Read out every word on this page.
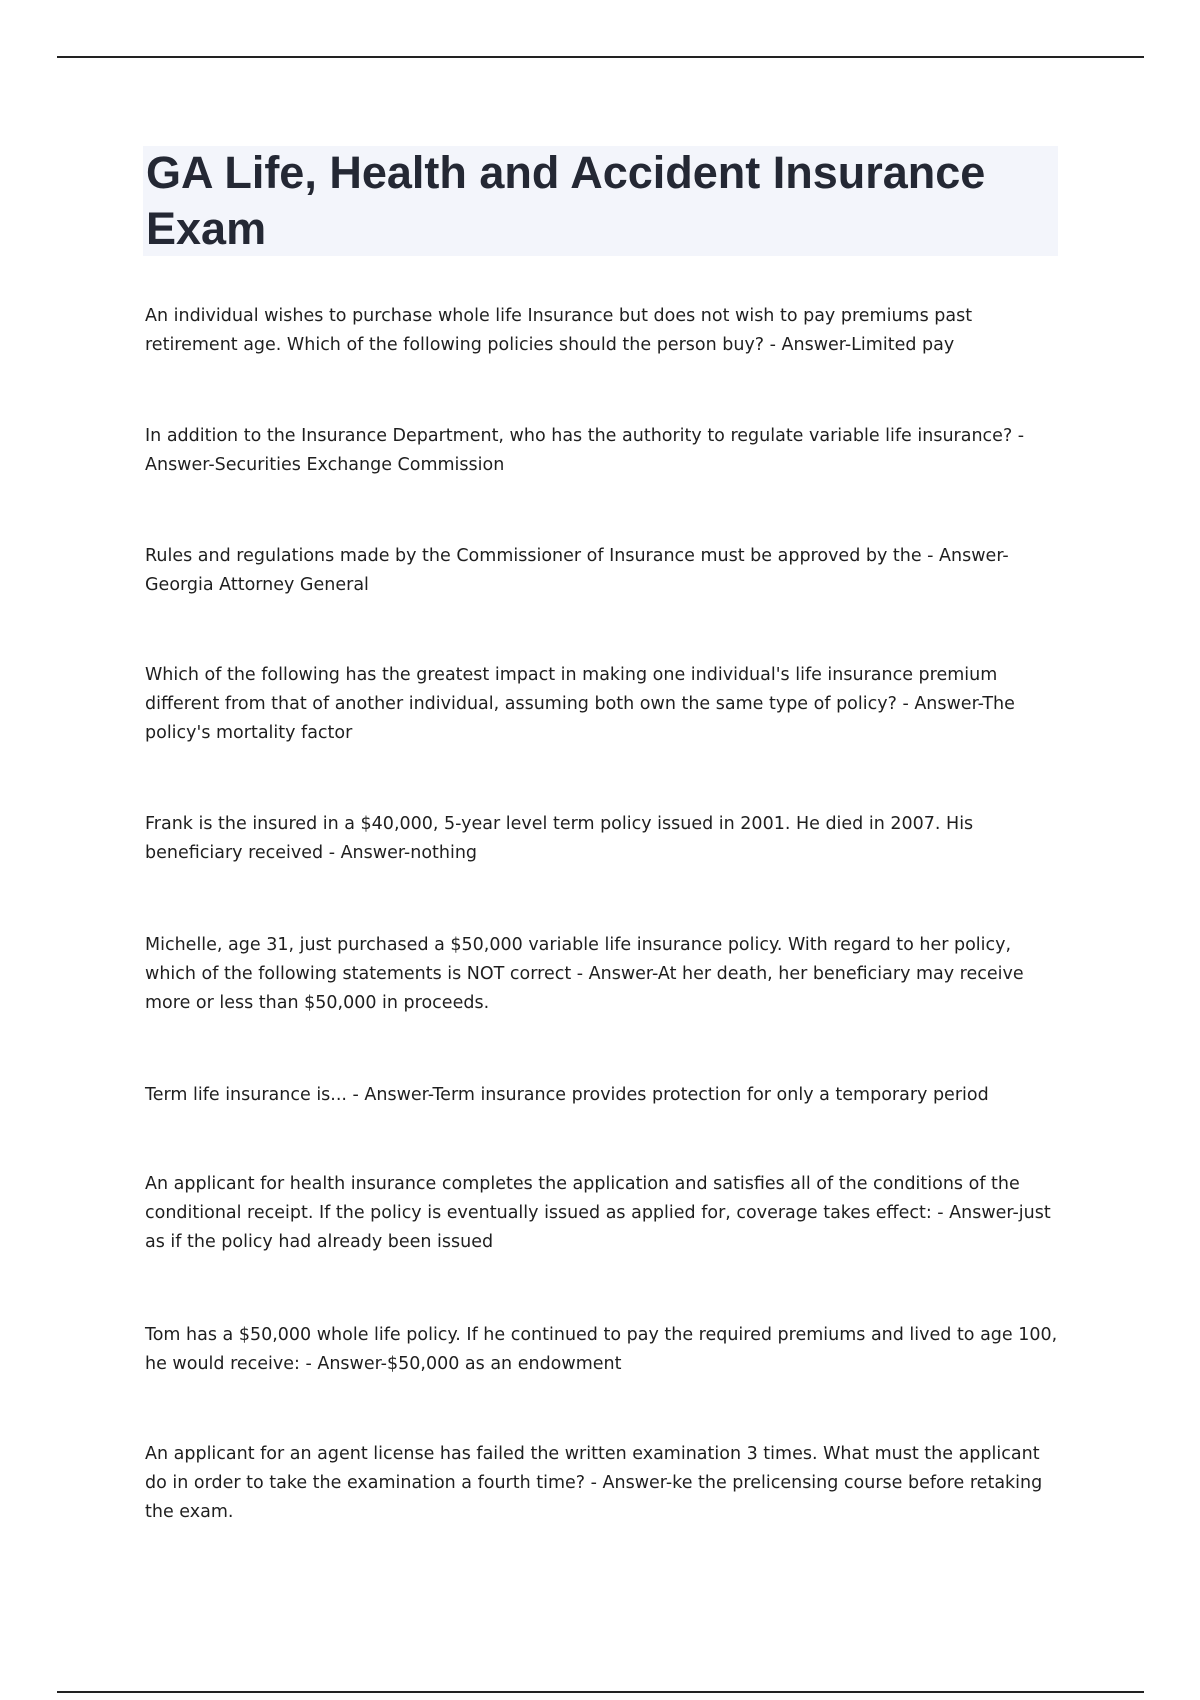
GA Life, Health and Accident Insurance Exam

An individual wishes to purchase whole life Insurance but does not wish to pay premiums past retirement age. Which of the following policies should the person buy? - Answer-Limited pay

In addition to the Insurance Department, who has the authority to regulate variable life insurance? - Answer-Securities Exchange Commission

Rules and regulations made by the Commissioner of Insurance must be approved by the - Answer-Georgia Attorney General

Which of the following has the greatest impact in making one individual's life insurance premium different from that of another individual, assuming both own the same type of policy? - Answer-The policy's mortality factor

Frank is the insured in a $40,000, 5-year level term policy issued in 2001. He died in 2007. His beneficiary received - Answer-nothing

Michelle, age 31, just purchased a $50,000 variable life insurance policy. With regard to her policy, which of the following statements is NOT correct - Answer-At her death, her beneficiary may receive more or less than $50,000 in proceeds.

Term life insurance is... - Answer-Term insurance provides protection for only a temporary period

An applicant for health insurance completes the application and satisfies all of the conditions of the conditional receipt. If the policy is eventually issued as applied for, coverage takes effect: - Answer-just as if the policy had already been issued

Tom has a $50,000 whole life policy. If he continued to pay the required premiums and lived to age 100, he would receive: - Answer-$50,000 as an endowment

An applicant for an agent license has failed the written examination 3 times. What must the applicant do in order to take the examination a fourth time? - Answer-ke the prelicensing course before retaking the exam.
